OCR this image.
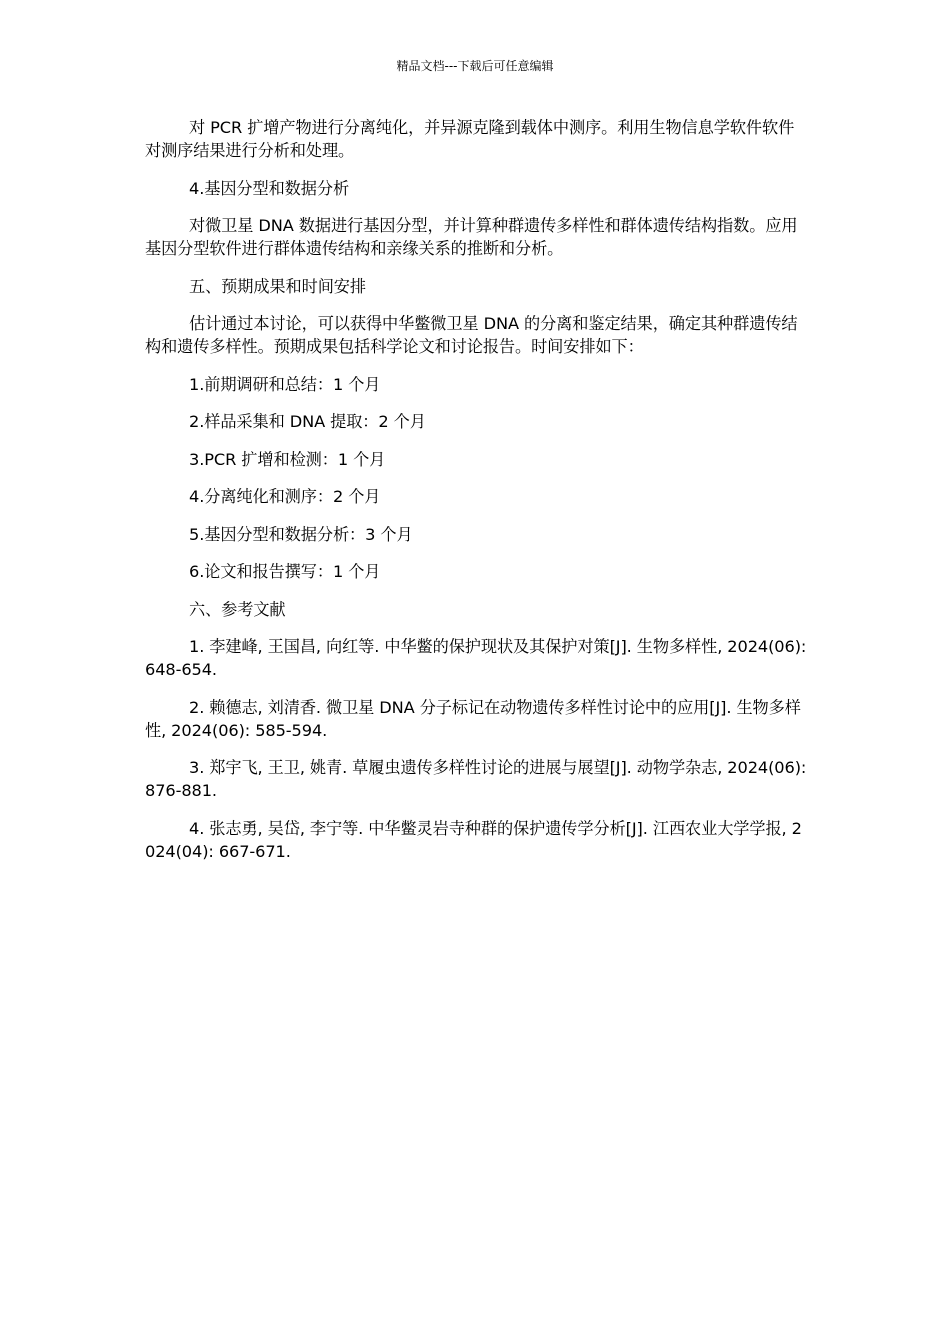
精品文档---下载后可任意编辑

对 PCR 扩增产物进行分离纯化，并异源克隆到载体中测序。利用生物信息学软件软件对测序结果进行分析和处理。

4.基因分型和数据分析

对微卫星 DNA 数据进行基因分型，并计算种群遗传多样性和群体遗传结构指数。应用基因分型软件进行群体遗传结构和亲缘关系的推断和分析。

五、预期成果和时间安排

估计通过本讨论，可以获得中华鳖微卫星 DNA 的分离和鉴定结果，确定其种群遗传结构和遗传多样性。预期成果包括科学论文和讨论报告。时间安排如下：

1.前期调研和总结：1 个月

2.样品采集和 DNA 提取：2 个月

3.PCR 扩增和检测：1 个月

4.分离纯化和测序：2 个月

5.基因分型和数据分析：3 个月

6.论文和报告撰写：1 个月

六、参考文献

1. 李建峰, 王国昌, 向红等. 中华鳖的保护现状及其保护对策[J]. 生物多样性, 2024(06): 648-654.

2. 赖德志, 刘清香. 微卫星 DNA 分子标记在动物遗传多样性讨论中的应用[J]. 生物多样性, 2024(06): 585-594.

3. 郑宇飞, 王卫, 姚青. 草履虫遗传多样性讨论的进展与展望[J]. 动物学杂志, 2024(06): 876-881.

4. 张志勇, 吴岱, 李宁等. 中华鳖灵岩寺种群的保护遗传学分析[J]. 江西农业大学学报, 2024(04): 667-671.
